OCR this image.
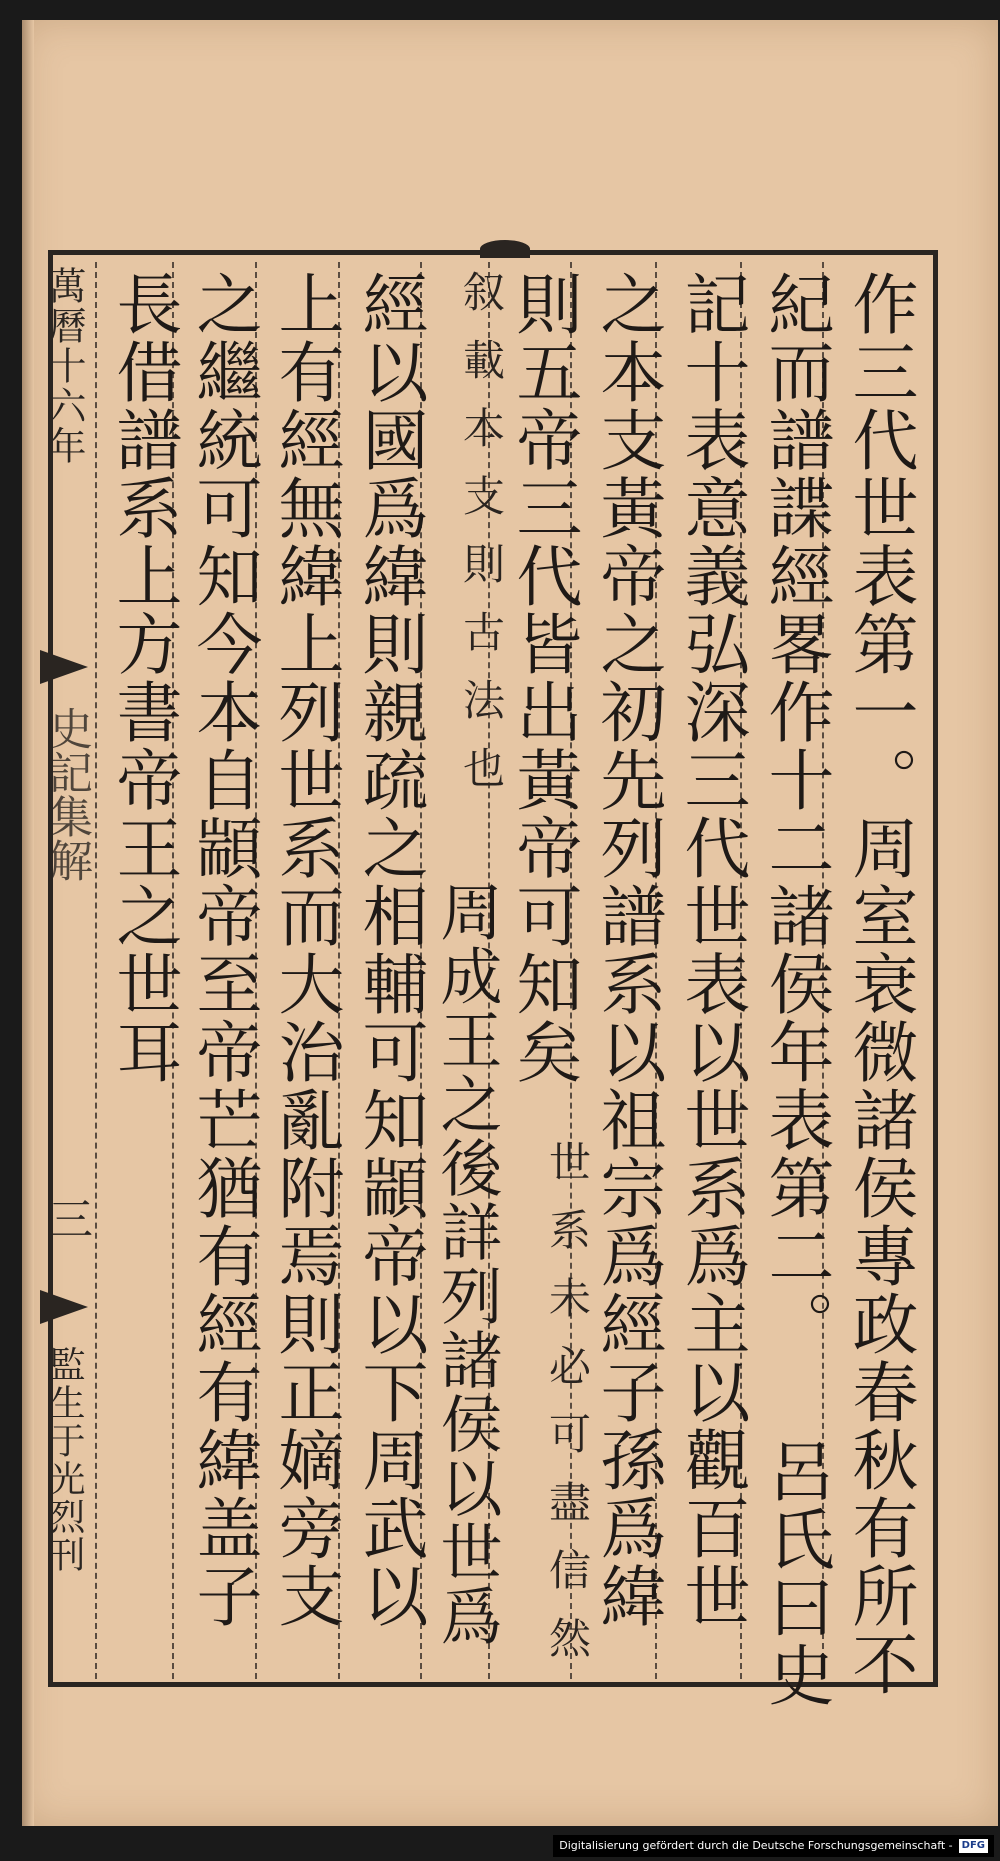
作三代世表第一。周室衰微諸侯專政春秋有所不
紀而譜諜經畧作十二諸侯年表第二。 呂氏曰史
記十表意義弘深三代世表以世系爲主以觀百世
之本支黃帝之初先列譜系以祖宗爲經子孫爲緯
則五帝三代皆出黃帝可知矣
世系未必可盡信然
叙載本支則古法也
周成王之後詳列諸侯以世爲
經以國爲緯則親疏之相輔可知顓帝以下周武以
上有經無緯上列世系而大治亂附焉則正嫡旁支
之繼統可知今本自顓帝至帝芒猶有經有緯盖子
長借譜系上方書帝王之世耳
萬曆十六年
史記集解
三
監生于光烈刊
Digitalisierung gefördert durch die Deutsche Forschungsgemeinschaft - DFG
